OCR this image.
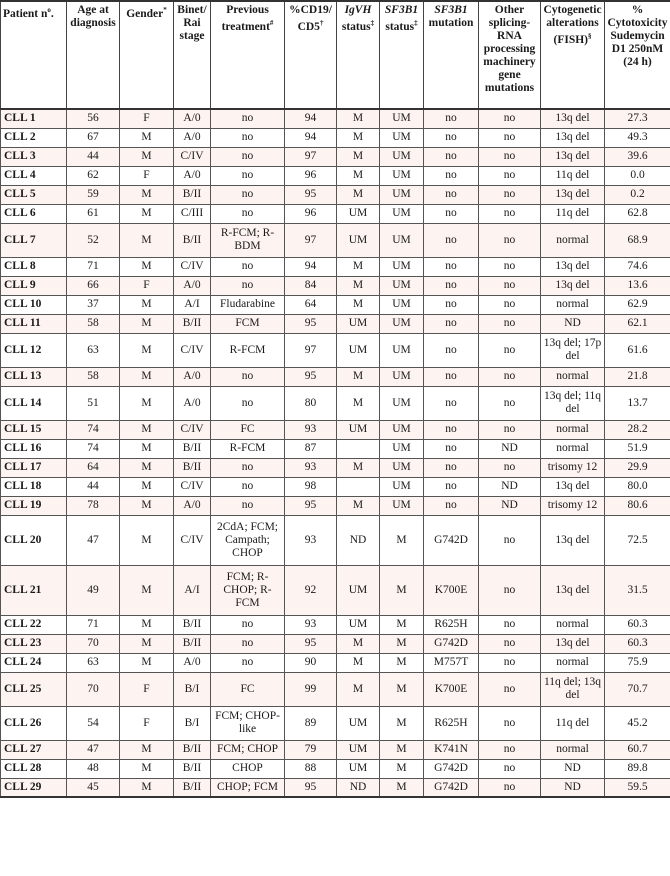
Patient $n^o$.	Age at diagnosis	Gender*	Binet/ Rai stage	Previous treatment#	%CD19/ CD5†	IgVH status‡	SF3B1 status‡	SF3B1 mutation	Other splicing-RNA processing machinery gene mutations	Cytogenetic alterations (FISH)§	% Cytotoxicity Sudemycin D1 250nM (24 h)
CLL 1	56	F	A/0	no	94	M	UM	no	no	13q del	27.3
CLL 2	67	M	A/0	no	94	M	UM	no	no	13q del	49.3
CLL 3	44	M	C/IV	no	97	M	UM	no	no	13q del	39.6
CLL 4	62	F	A/0	no	96	M	UM	no	no	11q del	0.0
CLL 5	59	M	B/II	no	95	M	UM	no	no	13q del	0.2
CLL 6	61	M	C/III	no	96	UM	UM	no	no	11q del	62.8
CLL 7	52	M	B/II	R-FCM; R-BDM	97	UM	UM	no	no	normal	68.9
CLL 8	71	M	C/IV	no	94	M	UM	no	no	13q del	74.6
CLL 9	66	F	A/0	no	84	M	UM	no	no	13q del	13.6
CLL 10	37	M	A/I	Fludarabine	64	M	UM	no	no	normal	62.9
CLL 11	58	M	B/II	FCM	95	UM	UM	no	no	ND	62.1
CLL 12	63	M	C/IV	R-FCM	97	UM	UM	no	no	13q del; 17p del	61.6
CLL 13	58	M	A/0	no	95	M	UM	no	no	normal	21.8
CLL 14	51	M	A/0	no	80	M	UM	no	no	13q del; 11q del	13.7
CLL 15	74	M	C/IV	FC	93	UM	UM	no	no	normal	28.2
CLL 16	74	M	B/II	R-FCM	87		UM	no	ND	normal	51.9
CLL 17	64	M	B/II	no	93	M	UM	no	no	trisomy 12	29.9
CLL 18	44	M	C/IV	no	98		UM	no	ND	13q del	80.0
CLL 19	78	M	A/0	no	95	M	UM	no	ND	trisomy 12	80.6
CLL 20	47	M	C/IV	2CdA; FCM; Campath; CHOP	93	ND	M	G742D	no	13q del	72.5
CLL 21	49	M	A/I	FCM; R-CHOP; R-FCM	92	UM	M	K700E	no	13q del	31.5
CLL 22	71	M	B/II	no	93	UM	M	R625H	no	normal	60.3
CLL 23	70	M	B/II	no	95	M	M	G742D	no	13q del	60.3
CLL 24	63	M	A/0	no	90	M	M	M757T	no	normal	75.9
CLL 25	70	F	B/I	FC	99	M	M	K700E	no	11q del; 13q del	70.7
CLL 26	54	F	B/I	FCM; CHOP-like	89	UM	M	R625H	no	11q del	45.2
CLL 27	47	M	B/II	FCM; CHOP	79	UM	M	K741N	no	normal	60.7
CLL 28	48	M	B/II	CHOP	88	UM	M	G742D	no	ND	89.8
CLL 29	45	M	B/II	CHOP; FCM	95	ND	M	G742D	no	ND	59.5
